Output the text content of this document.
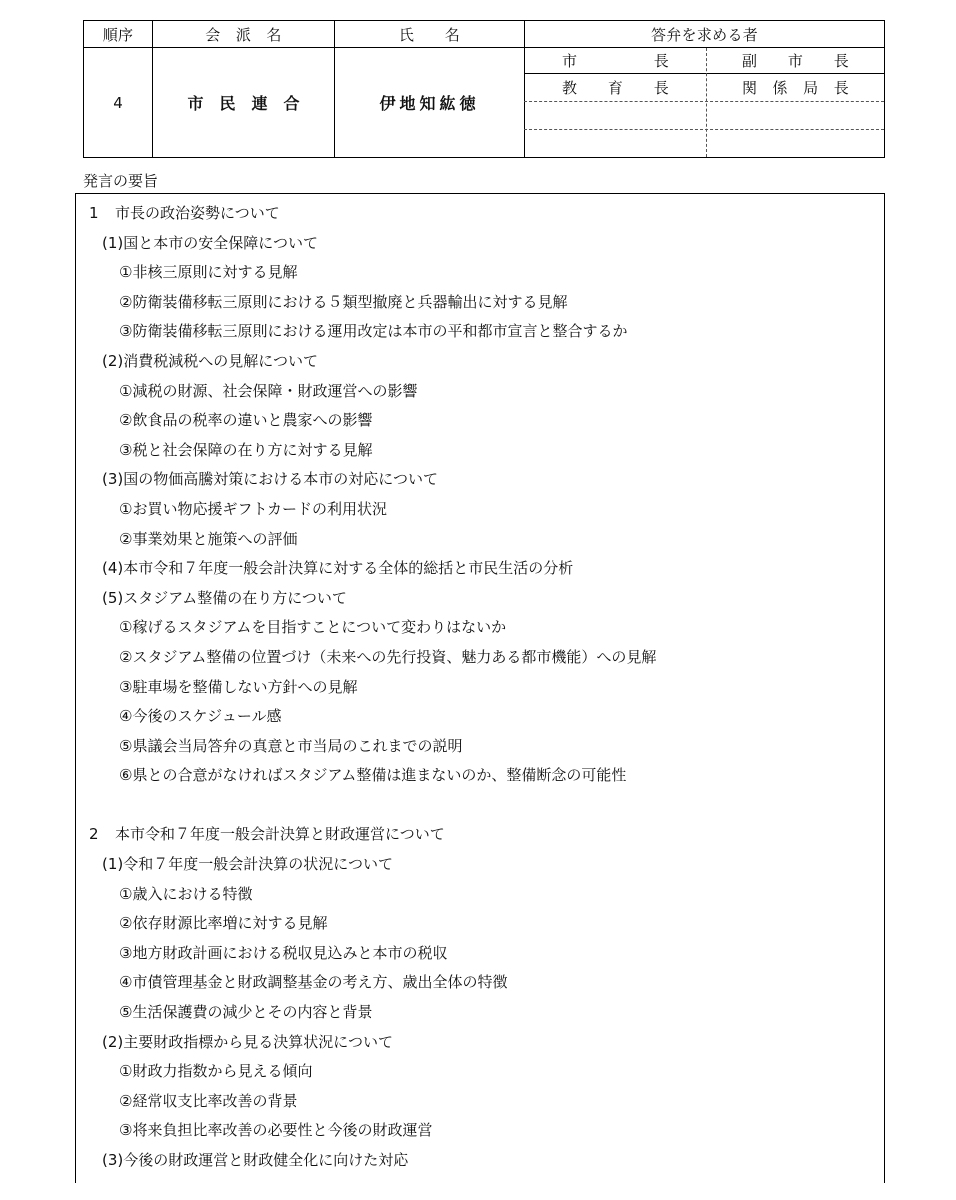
順序	会　派　名	氏　　名	答弁を求める者
4	市　民　連　合	伊地知紘徳
市　　　　　長	副　　市　　長
教　　育　　長	関　係　局　長
発言の要旨
1 市長の政治姿勢について
(1)国と本市の安全保障について
①非核三原則に対する見解
②防衛装備移転三原則における５類型撤廃と兵器輸出に対する見解
③防衛装備移転三原則における運用改定は本市の平和都市宣言と整合するか
(2)消費税減税への見解について
①減税の財源、社会保障・財政運営への影響
②飲食品の税率の違いと農家への影響
③税と社会保障の在り方に対する見解
(3)国の物価高騰対策における本市の対応について
①お買い物応援ギフトカードの利用状況
②事業効果と施策への評価
(4)本市令和７年度一般会計決算に対する全体的総括と市民生活の分析
(5)スタジアム整備の在り方について
①稼げるスタジアムを目指すことについて変わりはないか
②スタジアム整備の位置づけ（未来への先行投資、魅力ある都市機能）への見解
③駐車場を整備しない方針への見解
④今後のスケジュール感
⑤県議会当局答弁の真意と市当局のこれまでの説明
⑥県との合意がなければスタジアム整備は進まないのか、整備断念の可能性
2 本市令和７年度一般会計決算と財政運営について
(1)令和７年度一般会計決算の状況について
①歳入における特徴
②依存財源比率増に対する見解
③地方財政計画における税収見込みと本市の税収
④市債管理基金と財政調整基金の考え方、歳出全体の特徴
⑤生活保護費の減少とその内容と背景
(2)主要財政指標から見る決算状況について
①財政力指数から見える傾向
②経常収支比率改善の背景
③将来負担比率改善の必要性と今後の財政運営
(3)今後の財政運営と財政健全化に向けた対応
